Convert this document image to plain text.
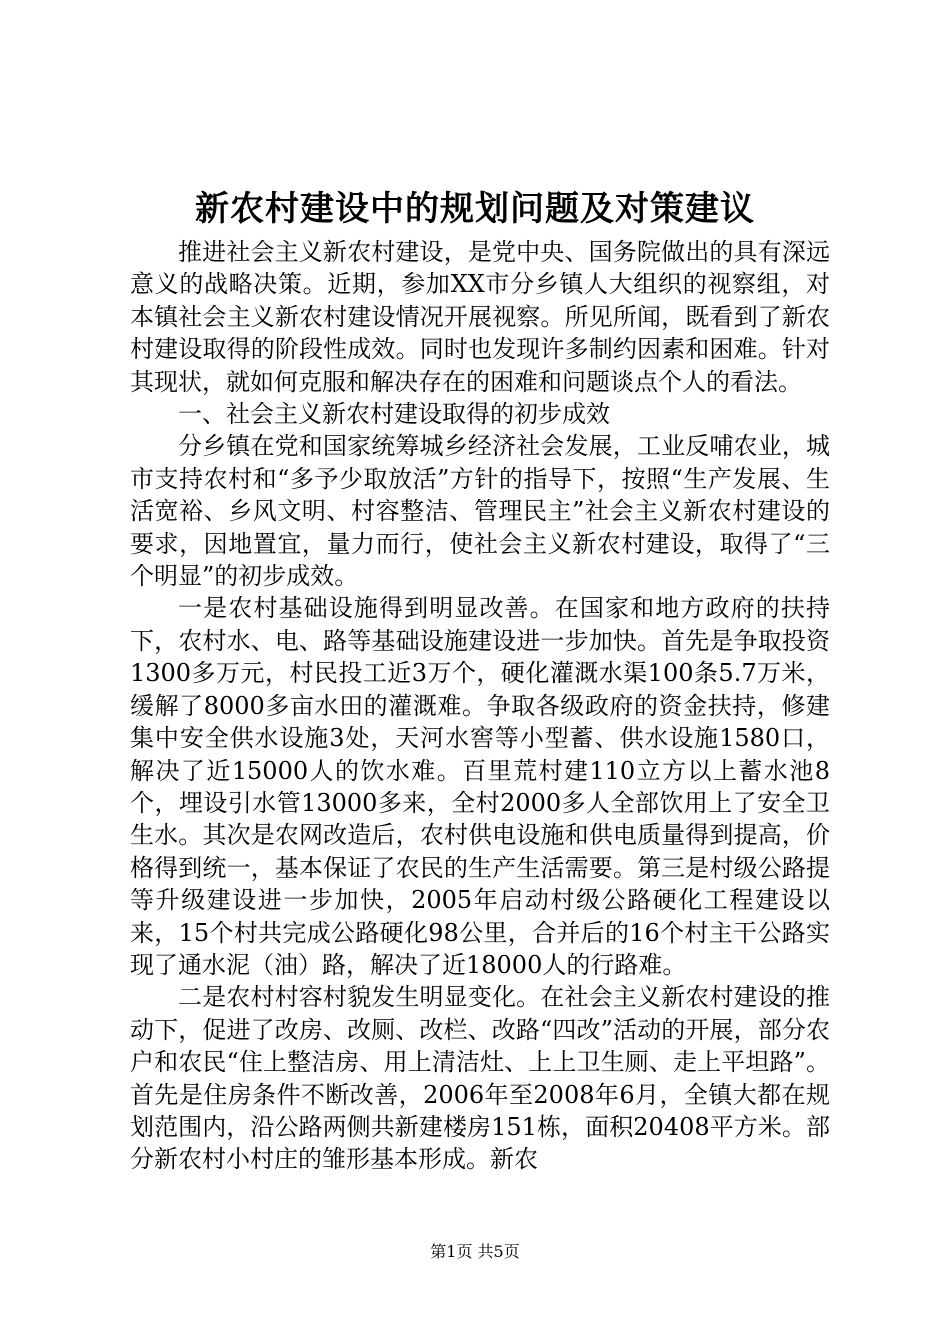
新农村建设中的规划问题及对策建议

推进社会主义新农村建设，是党中央、国务院做出的具有深远意义的战略决策。近期，参加XX市分乡镇人大组织的视察组，对本镇社会主义新农村建设情况开展视察。所见所闻，既看到了新农村建设取得的阶段性成效。同时也发现许多制约因素和困难。针对其现状，就如何克服和解决存在的困难和问题谈点个人的看法。

一、社会主义新农村建设取得的初步成效

分乡镇在党和国家统筹城乡经济社会发展，工业反哺农业，城市支持农村和“多予少取放活”方针的指导下，按照“生产发展、生活宽裕、乡风文明、村容整洁、管理民主”社会主义新农村建设的要求，因地置宜，量力而行，使社会主义新农村建设，取得了“三个明显”的初步成效。

一是农村基础设施得到明显改善。在国家和地方政府的扶持下，农村水、电、路等基础设施建设进一步加快。首先是争取投资1300多万元，村民投工近3万个，硬化灌溉水渠100条5.7万米，缓解了8000多亩水田的灌溉难。争取各级政府的资金扶持，修建集中安全供水设施3处，天河水窖等小型蓄、供水设施1580口，解决了近15000人的饮水难。百里荒村建110立方以上蓄水池8个，埋设引水管13000多来，全村2000多人全部饮用上了安全卫生水。其次是农网改造后，农村供电设施和供电质量得到提高，价格得到统一，基本保证了农民的生产生活需要。第三是村级公路提等升级建设进一步加快，2005年启动村级公路硬化工程建设以来，15个村共完成公路硬化98公里，合并后的16个村主干公路实现了通水泥（油）路，解决了近18000人的行路难。

二是农村村容村貌发生明显变化。在社会主义新农村建设的推动下，促进了改房、改厕、改栏、改路“四改”活动的开展，部分农户和农民“住上整洁房、用上清洁灶、上上卫生厕、走上平坦路”。首先是住房条件不断改善，2006年至2008年6月，全镇大都在规划范围内，沿公路两侧共新建楼房151栋，面积20408平方米。部分新农村小村庄的雏形基本形成。新农

第1页 共5页
